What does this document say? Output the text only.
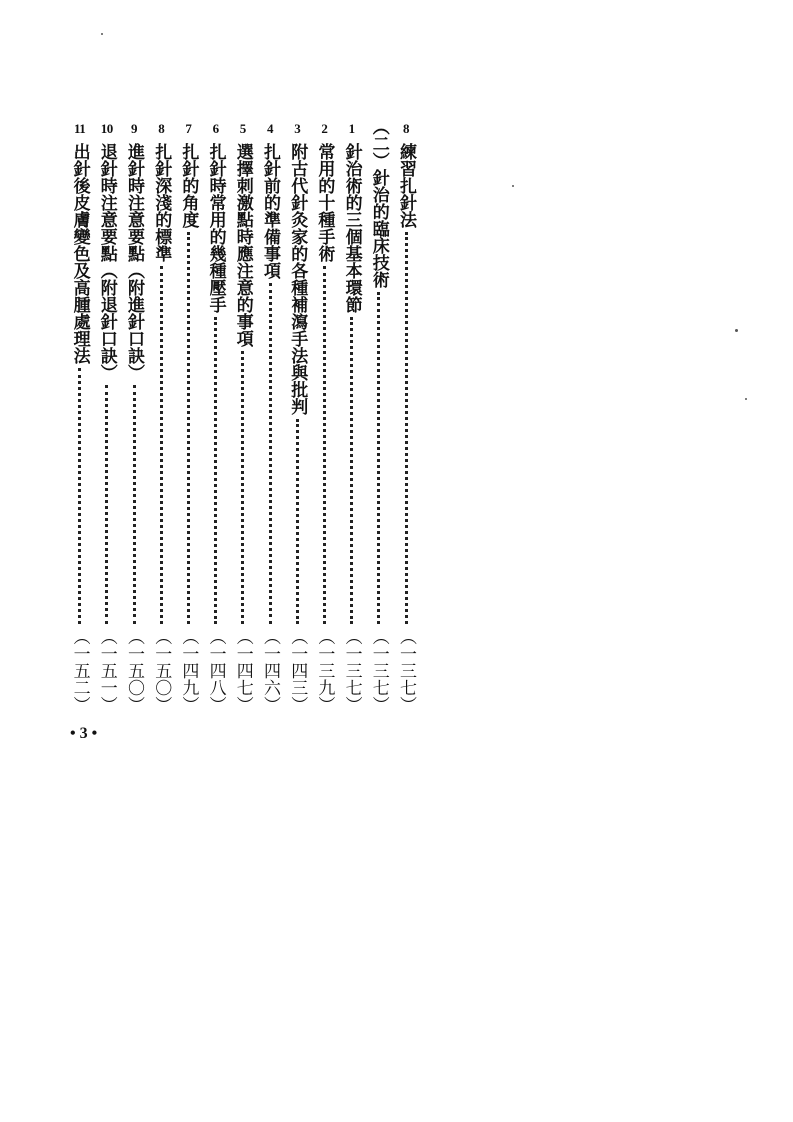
8
練習扎針法
（一三七）
（二）針治的臨床技術
（一三七）
1
針治術的三個基本環節
（一三七）
2
常用的十種手術
（一三九）
3
附古代針灸家的各種補瀉手法與批判
（一四三）
4
扎針前的準備事項
（一四六）
5
選擇刺激點時應注意的事項
（一四七）
6
扎針時常用的幾種壓手
（一四八）
7
扎針的角度
（一四九）
8
扎針深淺的標準
（一五〇）
9
進針時注意要點（附進針口訣）
（一五〇）
10
退針時注意要點（附退針口訣）
（一五一）
11
出針後皮膚變色及高腫處理法
（一五二）
• 3 •
